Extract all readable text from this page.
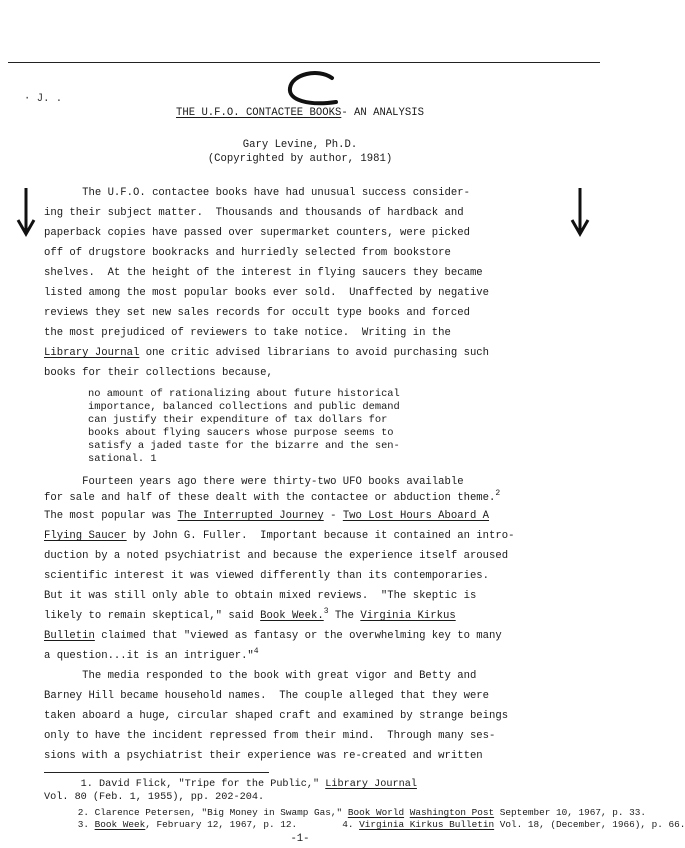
· J. .
THE U.F.O. CONTACTEE BOOKS- AN ANALYSIS
Gary Levine, Ph.D.
(Copyrighted by author, 1981)
The U.F.O. contactee books have had unusual success consider-
ing their subject matter.  Thousands and thousands of hardback and
paperback copies have passed over supermarket counters, were picked
off of drugstore bookracks and hurriedly selected from bookstore
shelves.  At the height of the interest in flying saucers they became
listed among the most popular books ever sold.  Unaffected by negative
reviews they set new sales records for occult type books and forced
the most prejudiced of reviewers to take notice.  Writing in the
Library Journal one critic advised librarians to avoid purchasing such
books for their collections because,
no amount of rationalizing about future historical
importance, balanced collections and public demand
can justify their expenditure of tax dollars for
books about flying saucers whose purpose seems to
satisfy a jaded taste for the bizarre and the sen-
sational. 1
Fourteen years ago there were thirty-two UFO books available
for sale and half of these dealt with the contactee or abduction theme.$^2$
The most popular was The Interrupted Journey - Two Lost Hours Aboard A
Flying Saucer by John G. Fuller.  Important because it contained an intro-
duction by a noted psychiatrist and because the experience itself aroused
scientific interest it was viewed differently than its contemporaries.
But it was still only able to obtain mixed reviews.  "The skeptic is
likely to remain skeptical," said Book Week.$^3$ The Virginia Kirkus
Bulletin claimed that "viewed as fantasy or the overwhelming key to many
a question...it is an intriguer."$^4$
The media responded to the book with great vigor and Betty and
Barney Hill became household names.  The couple alleged that they were
taken aboard a huge, circular shaped craft and examined by strange beings
only to have the incident repressed from their mind.  Through many ses-
sions with a psychiatrist their experience was re-created and written
1. David Flick, "Tripe for the Public," Library Journal
Vol. 80 (Feb. 1, 1955), pp. 202-204.
2. Clarence Petersen, "Big Money in Swamp Gas," Book World Washington Post September 10, 1967, p. 33.
3. Book Week, February 12, 1967, p. 12.        4. Virginia Kirkus Bulletin Vol. 18, (December, 1966), p. 66.
-1-
